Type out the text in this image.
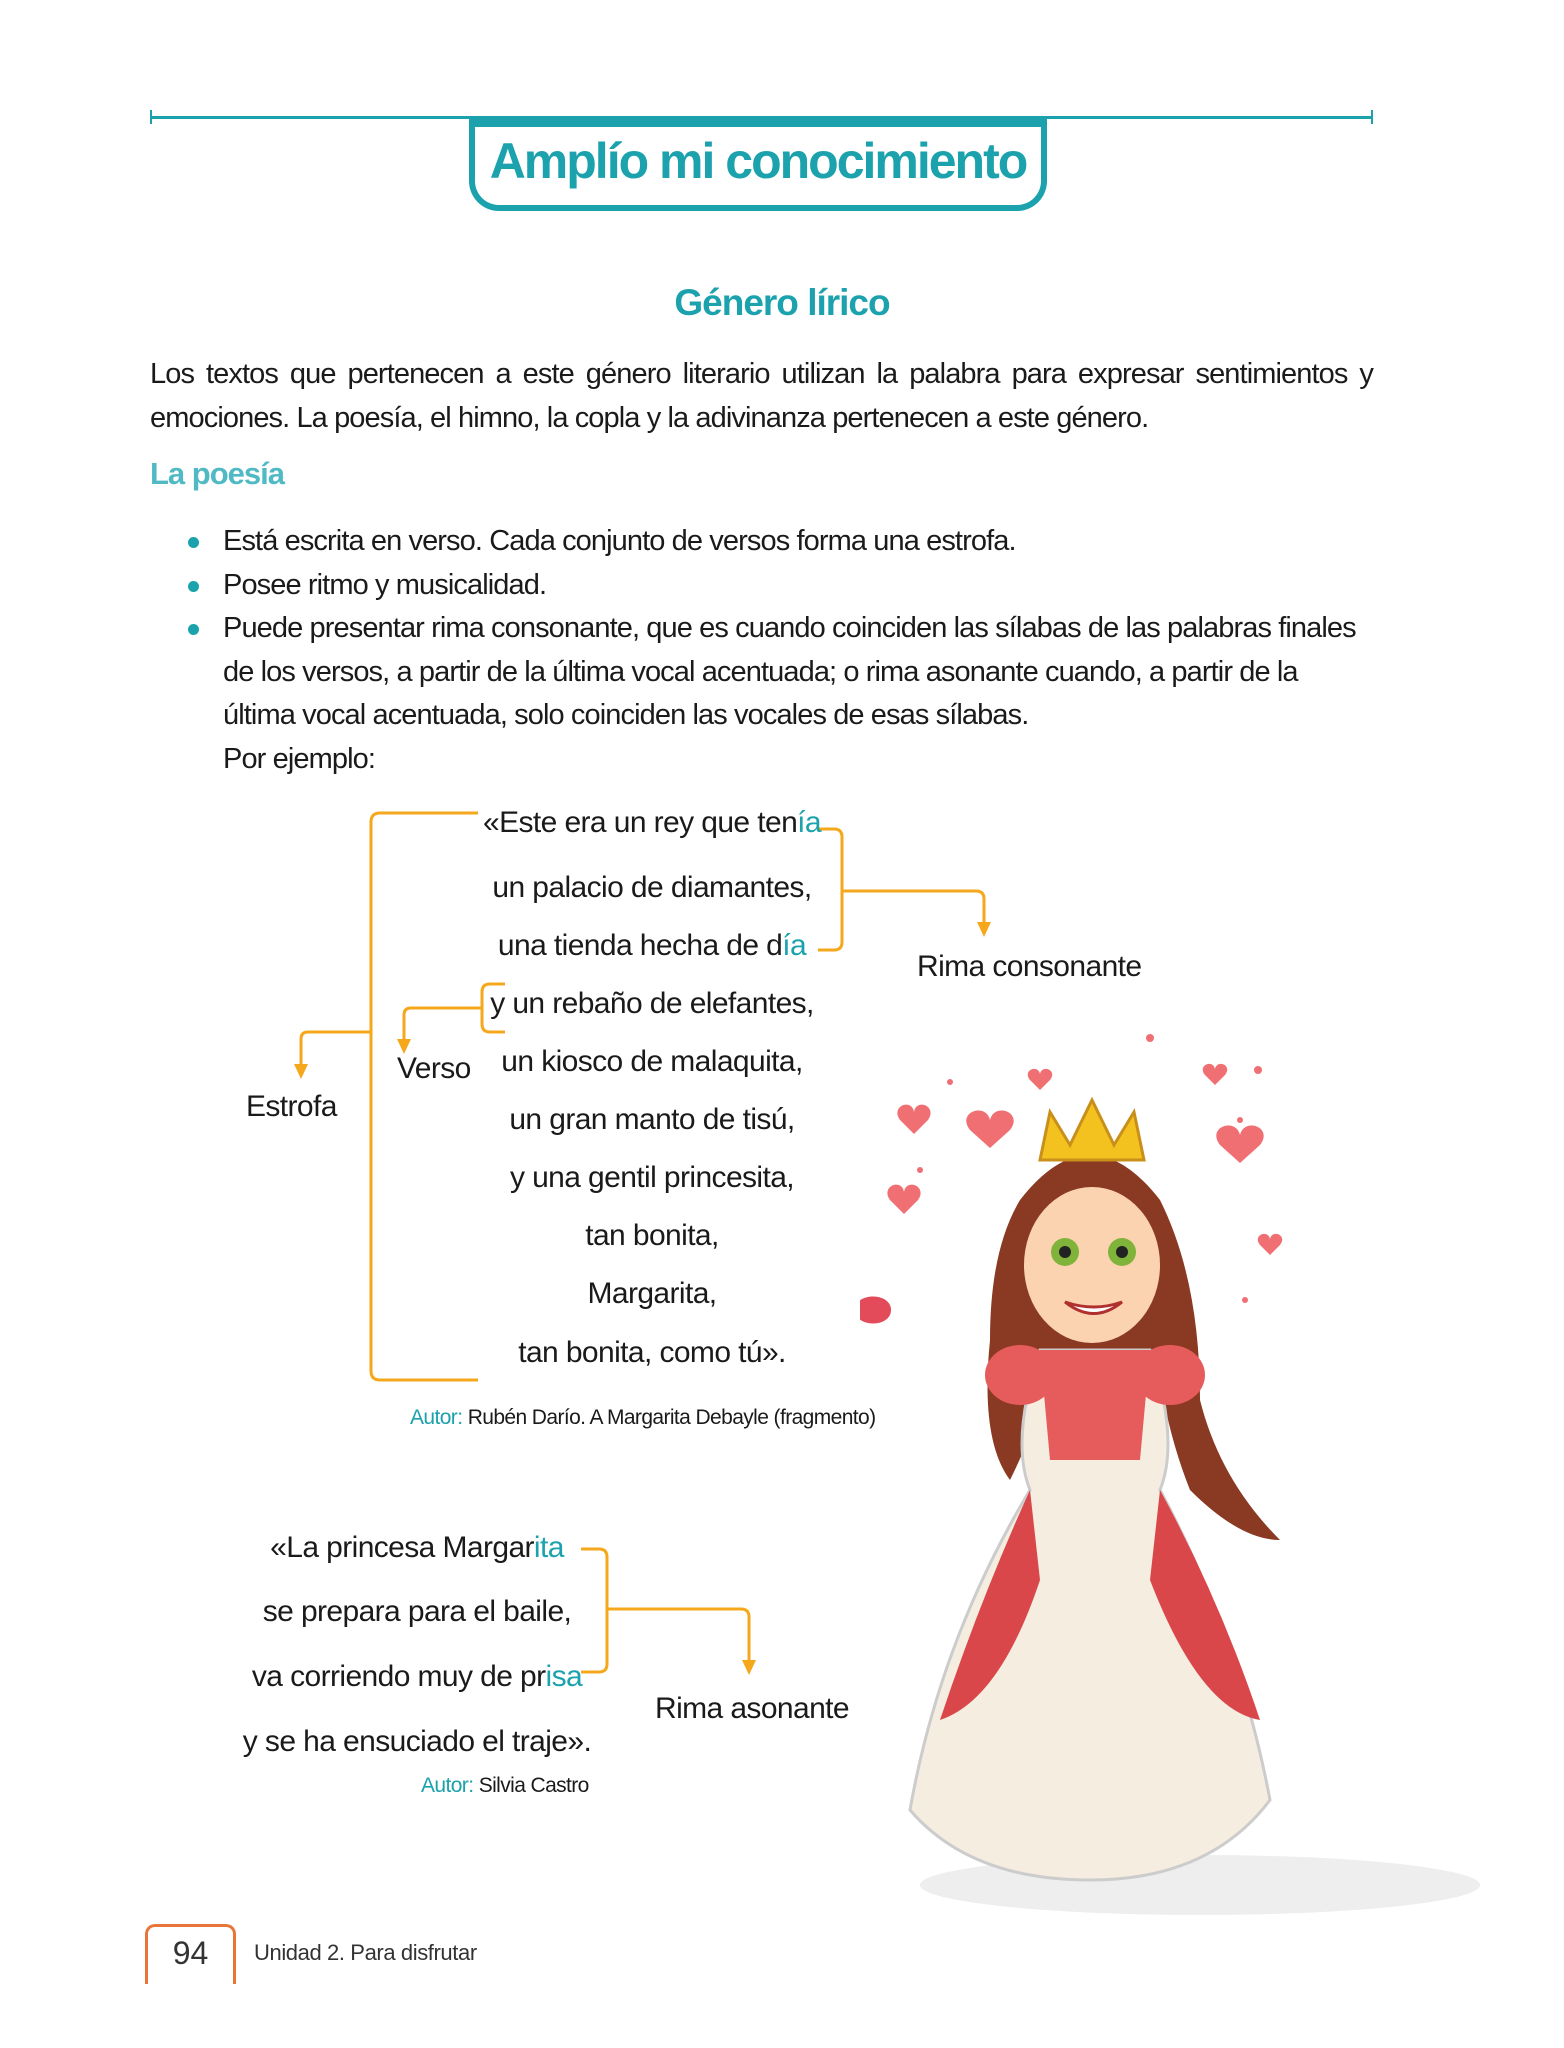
Amplío mi conocimiento
Género lírico
Los textos que pertenecen a este género literario utilizan la palabra para expresar sentimientos y emociones. La poesía, el himno, la copla y la adivinanza pertenecen a este género.
La poesía
Está escrita en verso. Cada conjunto de versos forma una estrofa.
Posee ritmo y musicalidad.
Puede presentar rima consonante, que es cuando coinciden las sílabas de las palabras finales de los versos, a partir de la última vocal acentuada; o rima asonante cuando, a partir de la última vocal acentuada, solo coinciden las vocales de esas sílabas.
Por ejemplo:
«Este era un rey que tenía
un palacio de diamantes,
una tienda hecha de día
y un rebaño de elefantes,
un kiosco de malaquita,
un gran manto de tisú,
y una gentil princesita,
tan bonita,
Margarita,
tan bonita, como tú».
Estrofa
Verso
Rima consonante
Autor: Rubén Darío. A Margarita Debayle (fragmento)
«La princesa Margarita
se prepara para el baile,
va corriendo muy de prisa
y se ha ensuciado el traje».
Rima asonante
Autor: Silvia Castro
94	Unidad 2. Para disfrutar
